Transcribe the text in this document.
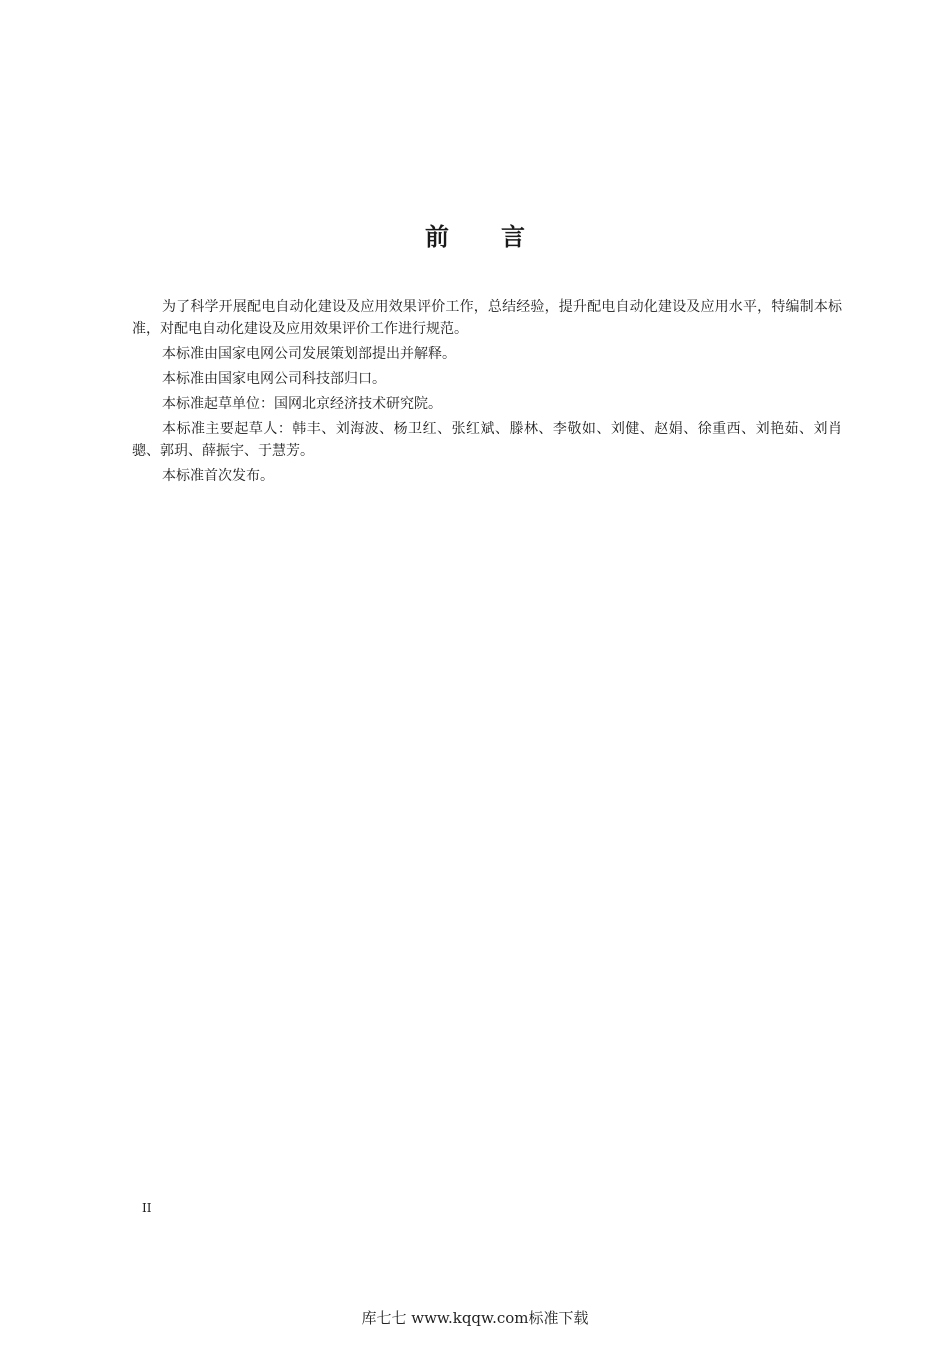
前言

为了科学开展配电自动化建设及应用效果评价工作，总结经验，提升配电自动化建设及应用水平，特编制本标准，对配电自动化建设及应用效果评价工作进行规范。

本标准由国家电网公司发展策划部提出并解释。

本标准由国家电网公司科技部归口。

本标准起草单位：国网北京经济技术研究院。

本标准主要起草人：韩丰、刘海波、杨卫红、张红斌、滕林、李敬如、刘健、赵娟、徐重西、刘艳茹、刘肖骢、郭玥、薛振宇、于慧芳。

本标准首次发布。

II
库七七 www.kqqw.com标准下载
